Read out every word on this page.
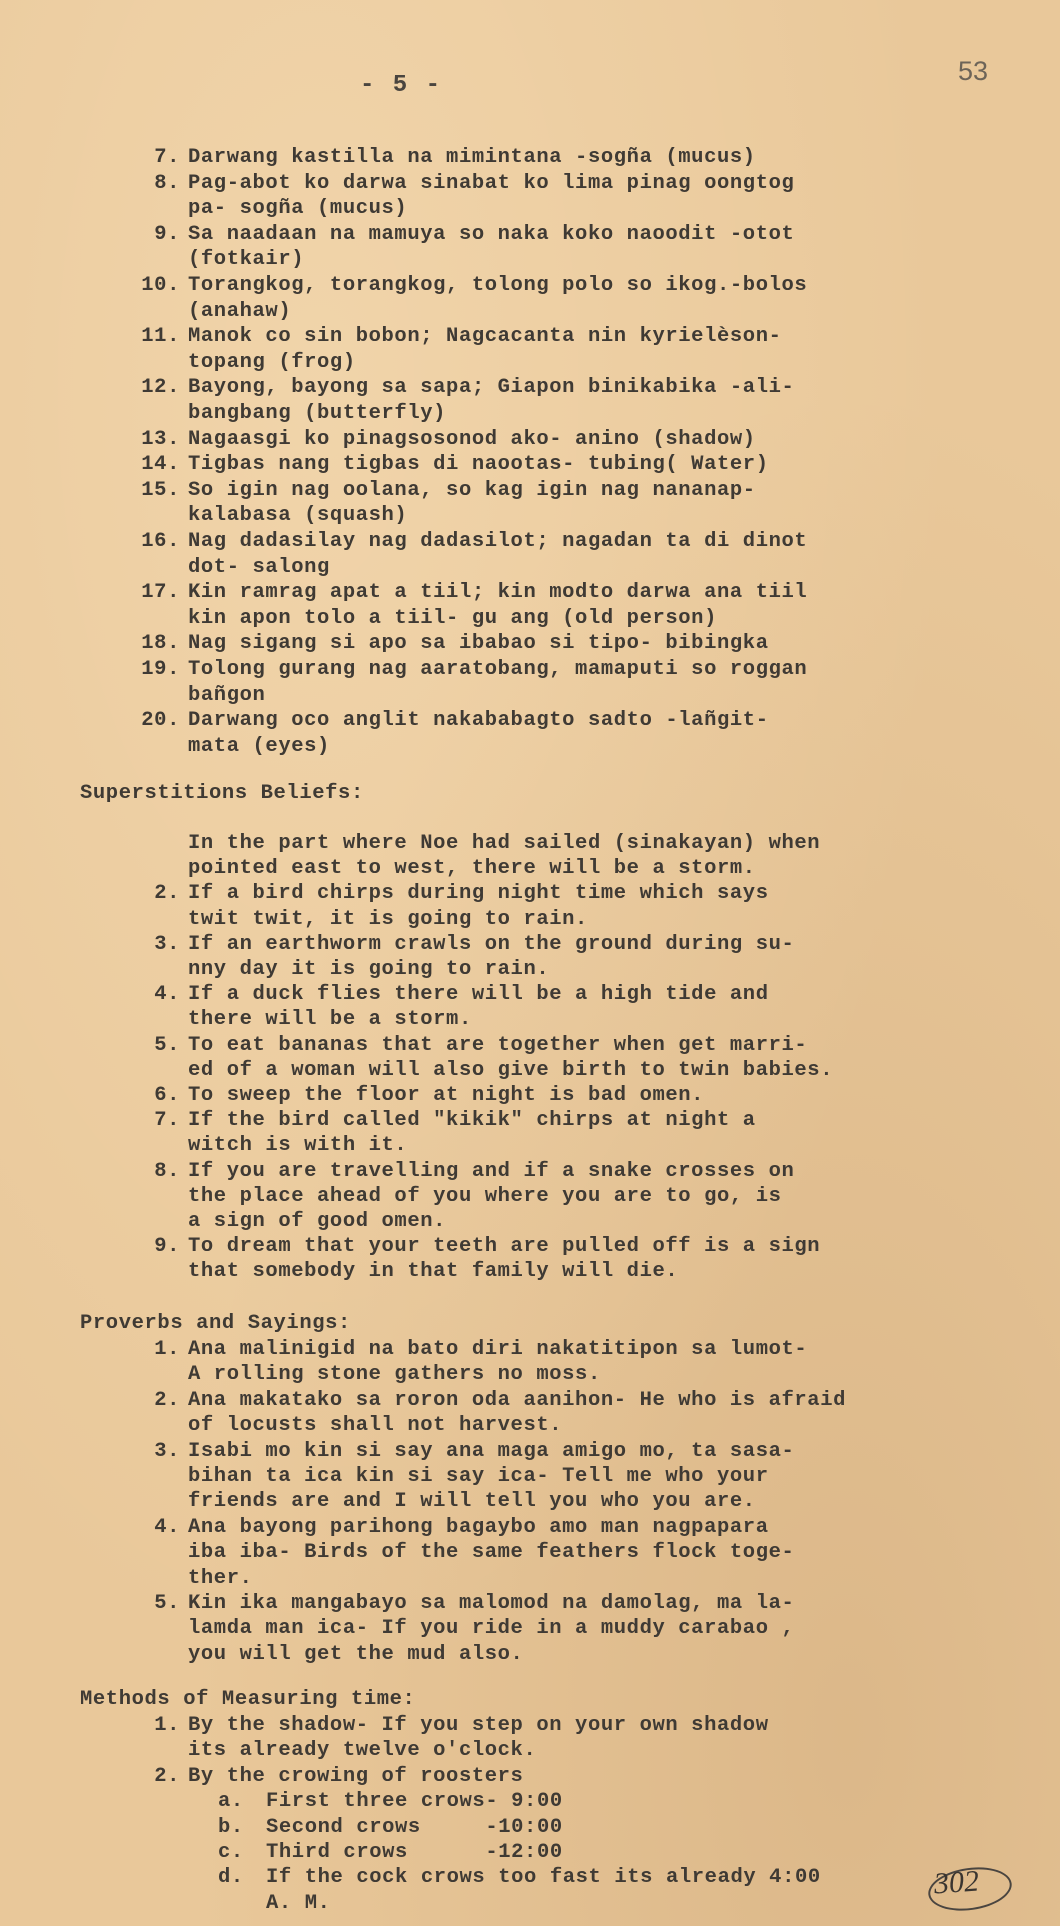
53
- 5 -
Superstitions Beliefs:
Proverbs and Sayings:
Methods of Measuring time:
302
7. Darwang kastilla na mimintana -sogña (mucus)
8. Pag-abot ko darwa sinabat ko lima pinag oongtog
pa- sogña (mucus)
9. Sa naadaan na mamuya so naka koko naoodit -otot
(fotkair)
10. Torangkog, torangkog, tolong polo so ikog.-bolos
(anahaw)
11. Manok co sin bobon; Nagcacanta nin kyrielèson-
topang (frog)
12. Bayong, bayong sa sapa; Giapon binikabika -ali-
bangbang (butterfly)
13. Nagaasgi ko pinagsosonod ako- anino (shadow)
14. Tigbas nang tigbas di naootas- tubing( Water)
15. So igin nag oolana, so kag igin nag nananap-
kalabasa (squash)
16. Nag dadasilay nag dadasilot; nagadan ta di dinot
dot- salong
17. Kin ramrag apat a tiil; kin modto darwa ana tiil
kin apon tolo a tiil- gu ang (old person)
18. Nag sigang si apo sa ibabao si tipo- bibingka
19. Tolong gurang nag aaratobang, mamaputi so roggan
bañgon
20. Darwang oco anglit nakababagto sadto -lañgit-
mata (eyes)
In the part where Noe had sailed (sinakayan) when
pointed east to west, there will be a storm.
2. If a bird chirps during night time which says
twit twit, it is going to rain.
3. If an earthworm crawls on the ground during su-
nny day it is going to rain.
4. If a duck flies there will be a high tide and
there will be a storm.
5. To eat bananas that are together when get marri-
ed of a woman will also give birth to twin babies.
6. To sweep the floor at night is bad omen.
7. If the bird called "kikik" chirps at night a
witch is with it.
8. If you are travelling and if a snake crosses on
the place ahead of you where you are to go, is
a sign of good omen.
9. To dream that your teeth are pulled off is a sign
that somebody in that family will die.
1. Ana malinigid na bato diri nakatitipon sa lumot-
A rolling stone gathers no moss.
2. Ana makatako sa roron oda aanihon- He who is afraid
of locusts shall not harvest.
3. Isabi mo kin si say ana maga amigo mo, ta sasa-
bihan ta ica kin si say ica- Tell me who your
friends are and I will tell you who you are.
4. Ana bayong parihong bagaybo amo man nagpapara
iba iba- Birds of the same feathers flock toge-
ther.
5. Kin ika mangabayo sa malomod na damolag, ma la-
lamda man ica- If you ride in a muddy carabao ,
you will get the mud also.
1. By the shadow- If you step on your own shadow
its already twelve o'clock.
2. By the crowing of roosters
a. First three crows- 9:00
b. Second crows     -10:00
c. Third crows      -12:00
d. If the cock crows too fast its already 4:00
A. M.
